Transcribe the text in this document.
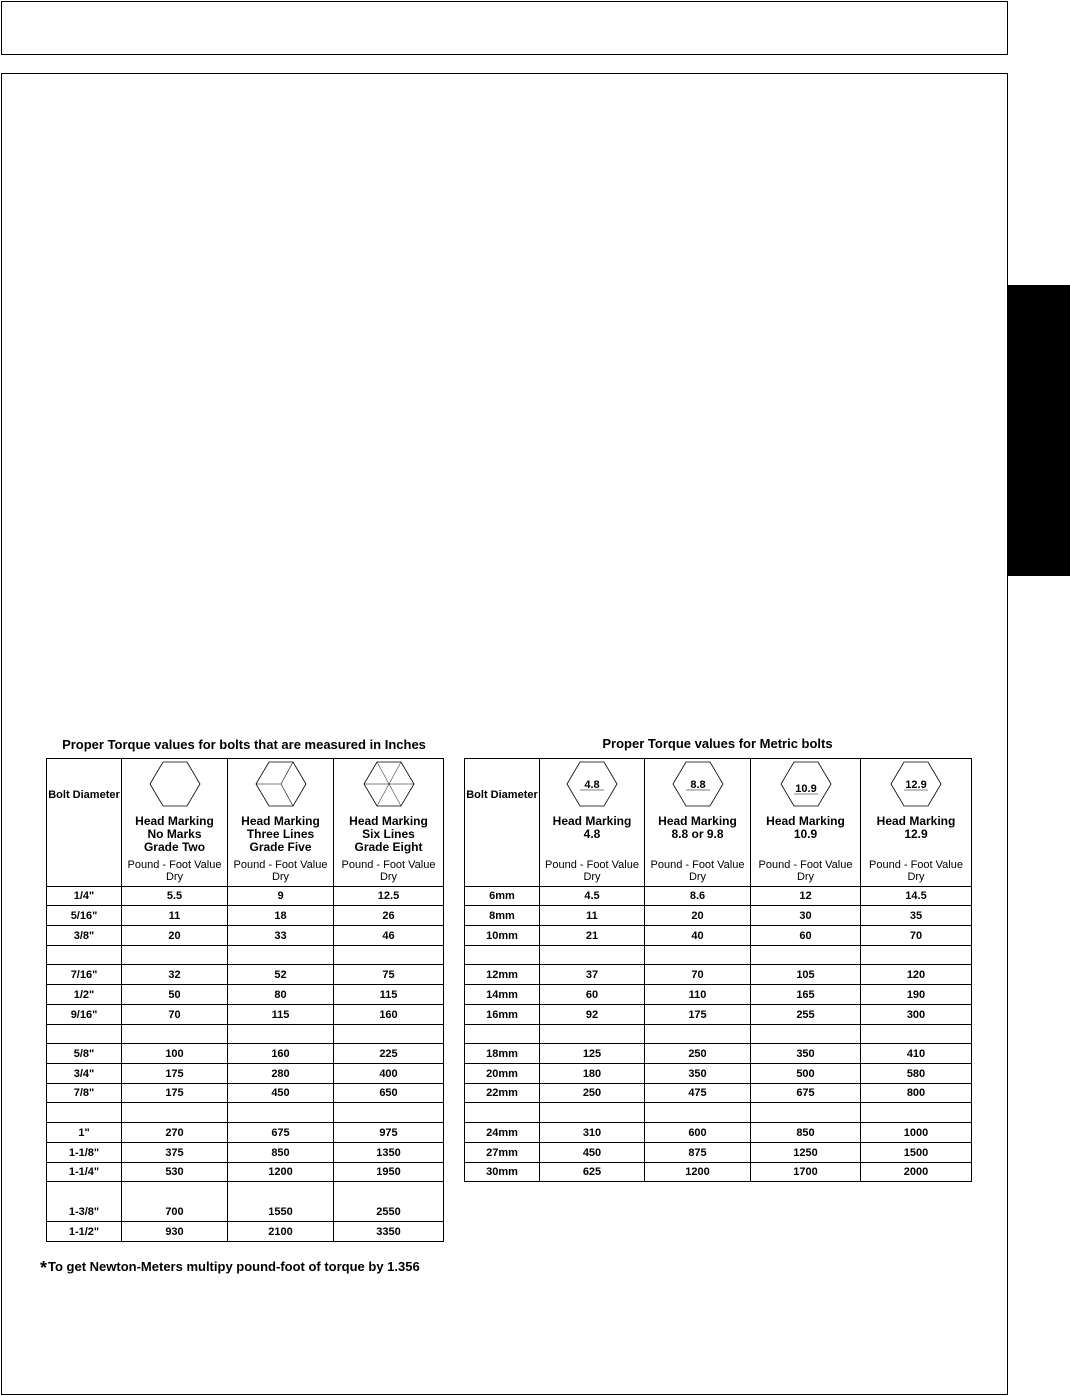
Proper Torque values for bolts that are measured in Inches
Bolt Diameter	Head Marking
No Marks
Grade Two
Pound - Foot Value
Dry	Head Marking
Three Lines
Grade Five
Pound - Foot Value
Dry	Head Marking
Six Lines
Grade Eight
Pound - Foot Value
Dry

1/4"	5.5	9	12.5
5/16"	11	18	26
3/8"	20	33	46

7/16"	32	52	75
1/2"	50	80	115
9/16"	70	115	160

5/8"	100	160	225
3/4"	175	280	400
7/8"	175	450	650

1"	270	675	975
1-1/8"	375	850	1350
1-1/4"	530	1200	1950
1-3/8"	700	1550	2550
1-1/2"	930	2100	3350
Proper Torque values for Metric bolts
Bolt Diameter	4.8
Head Marking
4.8
Pound - Foot Value
Dry	8.8
Head Marking
8.8 or 9.8
Pound - Foot Value
Dry	10.9
Head Marking
10.9
Pound - Foot Value
Dry	12.9
Head Marking
12.9
Pound - Foot Value
Dry

6mm	4.5	8.6	12	14.5
8mm	11	20	30	35
10mm	21	40	60	70

12mm	37	70	105	120
14mm	60	110	165	190
16mm	92	175	255	300

18mm	125	250	350	410
20mm	180	350	500	580
22mm	250	475	675	800

24mm	310	600	850	1000
27mm	450	875	1250	1500
30mm	625	1200	1700	2000
*To get Newton-Meters multipy pound-foot of torque by 1.356
